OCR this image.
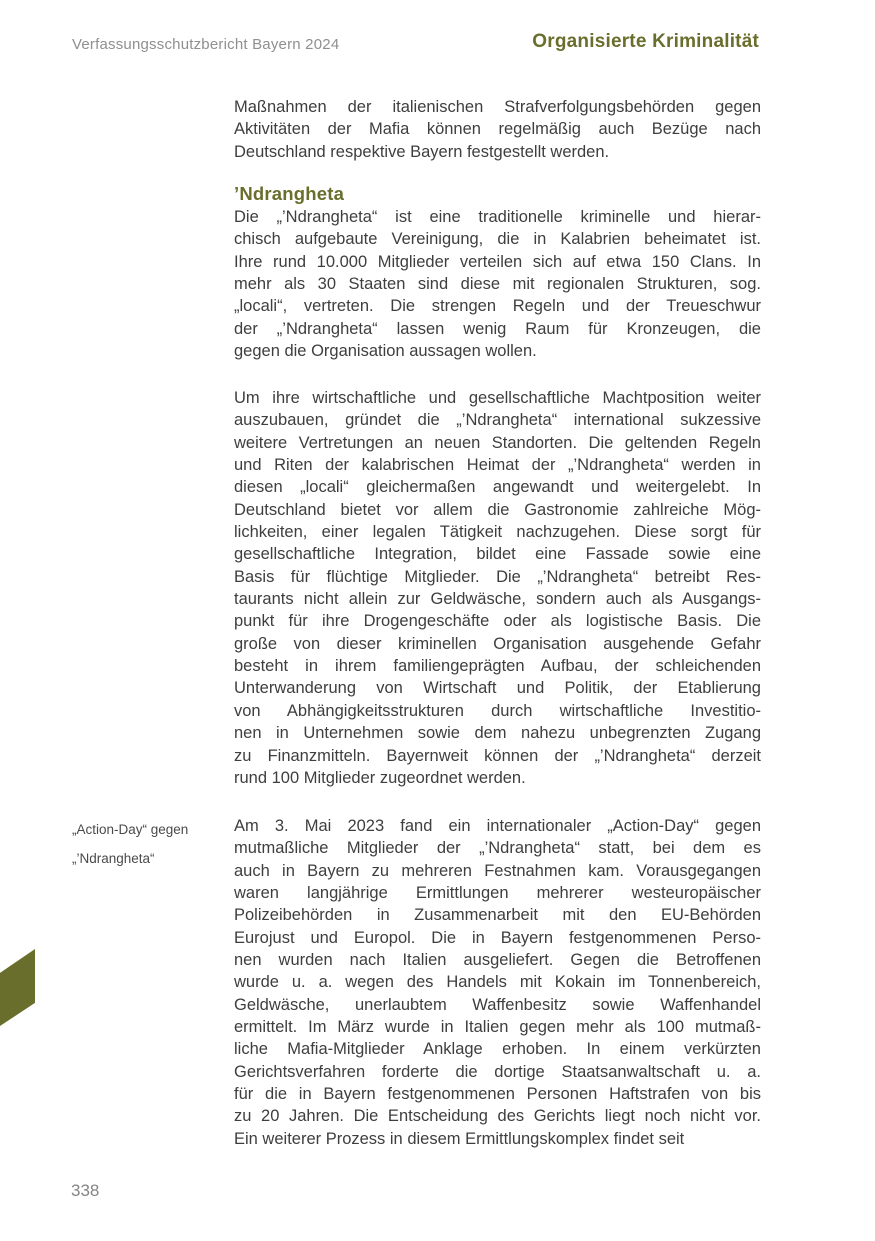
Verfassungsschutzbericht Bayern 2024	Organisierte Kriminalität
Maßnahmen der italienischen Strafverfolgungsbehörden gegen
Aktivitäten der Mafia können regelmäßig auch Bezüge nach
Deutschland respektive Bayern festgestellt werden.
’Ndrangheta
Die „’Ndrangheta“ ist eine traditionelle kriminelle und hierar-
chisch aufgebaute Vereinigung, die in Kalabrien beheimatet ist.
Ihre rund 10.000 Mitglieder verteilen sich auf etwa 150 Clans. In
mehr als 30 Staaten sind diese mit regionalen Strukturen, sog.
„locali“, vertreten. Die strengen Regeln und der Treueschwur
der „’Ndrangheta“ lassen wenig Raum für Kronzeugen, die
gegen die Organisation aussagen wollen.
Um ihre wirtschaftliche und gesellschaftliche Machtposition weiter
auszubauen, gründet die „’Ndrangheta“ international sukzessive
weitere Vertretungen an neuen Standorten. Die geltenden Regeln
und Riten der kalabrischen Heimat der „’Ndrangheta“ werden in
diesen „locali“ gleichermaßen angewandt und weitergelebt. In
Deutschland bietet vor allem die Gastronomie zahlreiche Mög-
lichkeiten, einer legalen Tätigkeit nachzugehen. Diese sorgt für
gesellschaftliche Integration, bildet eine Fassade sowie eine
Basis für flüchtige Mitglieder. Die „’Ndrangheta“ betreibt Res-
taurants nicht allein zur Geldwäsche, sondern auch als Ausgangs-
punkt für ihre Drogengeschäfte oder als logistische Basis. Die
große von dieser kriminellen Organisation ausgehende Gefahr
besteht in ihrem familiengeprägten Aufbau, der schleichenden
Unterwanderung von Wirtschaft und Politik, der Etablierung
von Abhängigkeitsstrukturen durch wirtschaftliche Investitio-
nen in Unternehmen sowie dem nahezu unbegrenzten Zugang
zu Finanzmitteln. Bayernweit können der „’Ndrangheta“ derzeit
rund 100 Mitglieder zugeordnet werden.
Am 3. Mai 2023 fand ein internationaler „Action-Day“ gegen
mutmaßliche Mitglieder der „’Ndrangheta“ statt, bei dem es
auch in Bayern zu mehreren Festnahmen kam. Vorausgegangen
waren langjährige Ermittlungen mehrerer westeuropäischer
Polizeibehörden in Zusammenarbeit mit den EU-Behörden
Eurojust und Europol. Die in Bayern festgenommenen Perso-
nen wurden nach Italien ausgeliefert. Gegen die Betroffenen
wurde u. a. wegen des Handels mit Kokain im Tonnenbereich,
Geldwäsche, unerlaubtem Waffenbesitz sowie Waffenhandel
ermittelt. Im März wurde in Italien gegen mehr als 100 mutmaß-
liche Mafia-Mitglieder Anklage erhoben. In einem verkürzten
Gerichtsverfahren forderte die dortige Staatsanwaltschaft u. a.
für die in Bayern festgenommenen Personen Haftstrafen von bis
zu 20 Jahren. Die Entscheidung des Gerichts liegt noch nicht vor.
Ein weiterer Prozess in diesem Ermittlungskomplex findet seit
„Action-Day“ gegen
„’Ndrangheta“
338
